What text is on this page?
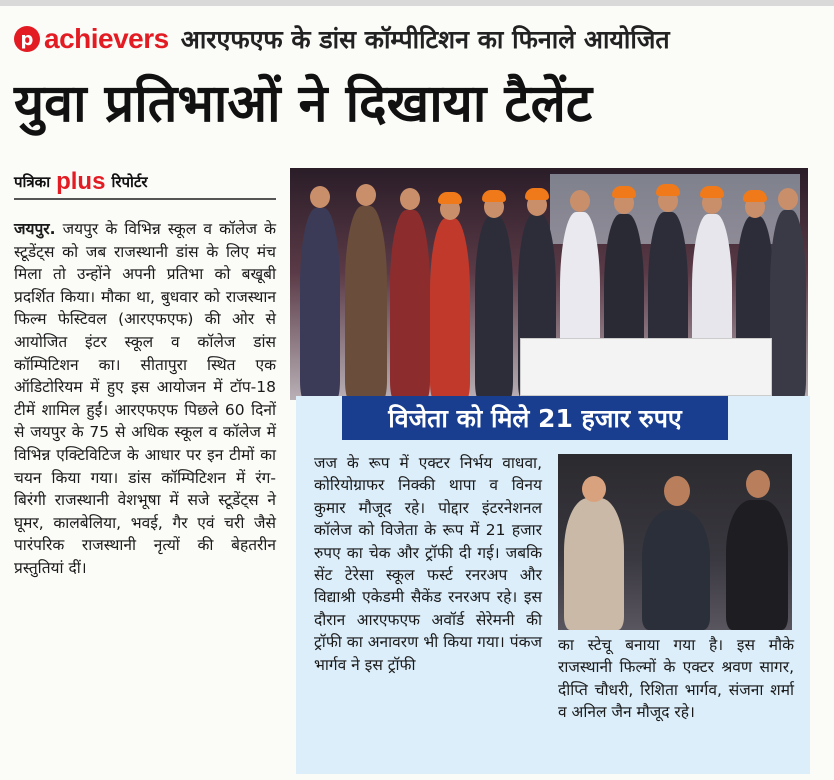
p achievers आरएफएफ के डांस कॉम्पीटिशन का फिनाले आयोजित
युवा प्रतिभाओं ने दिखाया टैलेंट
पत्रिका plus रिपोर्टर
जयपुर. जयपुर के विभिन्न स्कूल व कॉलेज के स्टूडेंट्स को जब राजस्थानी डांस के लिए मंच मिला तो उन्होंने अपनी प्रतिभा को बखूबी प्रदर्शित किया। मौका था, बुधवार को राजस्थान फिल्म फेस्टिवल (आरएफएफ) की ओर से आयोजित इंटर स्कूल व कॉलेज डांस कॉम्पिटिशन का। सीतापुरा स्थित एक ऑडिटोरियम में हुए इस आयोजन में टॉप-18 टीमें शामिल हुईं। आरएफएफ पिछले 60 दिनों से जयपुर के 75 से अधिक स्कूल व कॉलेज में विभिन्न एक्टिविटिज के आधार पर इन टीमों का चयन किया गया। डांस कॉम्पिटिशन में रंग-बिरंगी राजस्थानी वेशभूषा में सजे स्टूडेंट्स ने घूमर, कालबेलिया, भवई, गैर एवं चरी जैसे पारंपरिक राजस्थानी नृत्यों की बेहतरीन प्रस्तुतियां दीं।
विजेता को मिले 21 हजार रुपए
जज के रूप में एक्टर निर्भय वाधवा, कोरियोग्राफर निक्की थापा व विनय कुमार मौजूद रहे। पोद्दार इंटरनेशनल कॉलेज को विजेता के रूप में 21 हजार रुपए का चेक और ट्रॉफी दी गई। जबकि सेंट टेरेसा स्कूल फर्स्ट रनरअप और विद्याश्री एकेडमी सैकेंड रनरअप रहे। इस दौरान आरएफएफ अवॉर्ड सेरेमनी की ट्रॉफी का अनावरण भी किया गया। पंकज भार्गव ने इस ट्रॉफी
का स्टेचू बनाया गया है। इस मौके राजस्थानी फिल्मों के एक्टर श्रवण सागर, दीप्ति चौधरी, रिशिता भार्गव, संजना शर्मा व अनिल जैन मौजूद रहे।
